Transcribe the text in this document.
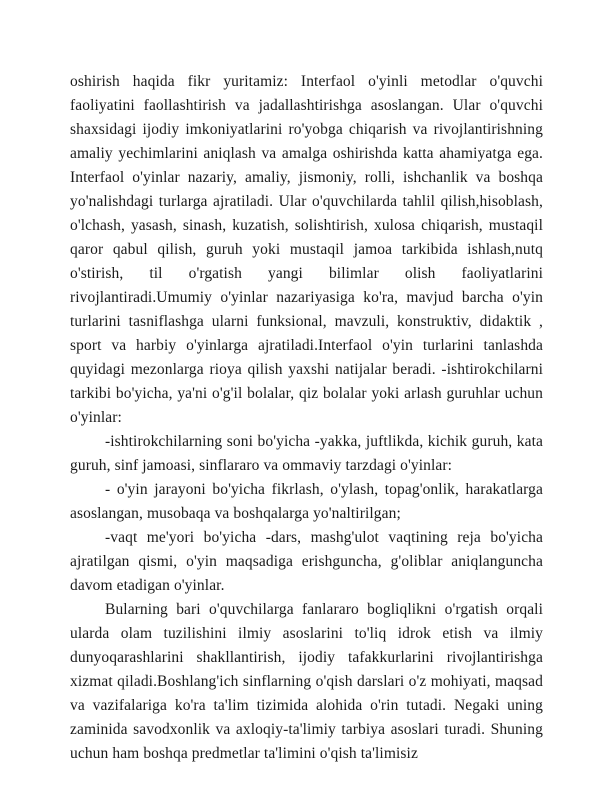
oshirish haqida fikr yuritamiz: Interfaol o'yinli metodlar o'quvchi faoliyatini faollashtirish va jadallashtirishga asoslangan. Ular o'quvchi shaxsidagi ijodiy imkoniyatlarini ro'yobga chiqarish va rivojlantirishning amaliy yechimlarini aniqlash va amalga oshirishda katta ahamiyatga ega. Interfaol o'yinlar nazariy, amaliy, jismoniy, rolli, ishchanlik va boshqa yo'nalishdagi turlarga ajratiladi. Ular o'quvchilarda tahlil qilish,hisoblash, o'lchash, yasash, sinash, kuzatish, solishtirish, xulosa chiqarish, mustaqil qaror qabul qilish, guruh yoki mustaqil jamoa tarkibida ishlash,nutq o'stirish, til o'rgatish yangi bilimlar olish faoliyatlarini rivojlantiradi.Umumiy o'yinlar nazariyasiga ko'ra, mavjud barcha o'yin turlarini tasniflashga ularni funksional, mavzuli, konstruktiv, didaktik , sport va harbiy o'yinlarga ajratiladi.Interfaol o'yin turlarini tanlashda quyidagi mezonlarga rioya qilish yaxshi natijalar beradi. -ishtirokchilarni tarkibi bo'yicha, ya'ni o'g'il bolalar, qiz bolalar yoki arlash guruhlar uchun o'yinlar:

-ishtirokchilarning soni bo'yicha -yakka, juftlikda, kichik guruh, kata guruh, sinf jamoasi, sinflararo va ommaviy tarzdagi o'yinlar:

- o'yin jarayoni bo'yicha fikrlash, o'ylash, topag'onlik, harakatlarga asoslangan, musobaqa va boshqalarga yo'naltirilgan;

-vaqt me'yori bo'yicha -dars, mashg'ulot vaqtining reja bo'yicha ajratilgan qismi, o'yin maqsadiga erishguncha, g'oliblar aniqlanguncha davom etadigan o'yinlar.

Bularning bari o'quvchilarga fanlararo bogliqlikni o'rgatish orqali ularda olam tuzilishini ilmiy asoslarini to'liq idrok etish va ilmiy dunyoqarashlarini shakllantirish, ijodiy tafakkurlarini rivojlantirishga xizmat qiladi.Boshlang'ich sinflarning o'qish darslari o'z mohiyati, maqsad va vazifalariga ko'ra ta'lim tizimida alohida o'rin tutadi. Negaki uning zaminida savodxonlik va axloqiy-ta'limiy tarbiya asoslari turadi. Shuning uchun ham boshqa predmetlar ta'limini o'qish ta'limisiz
